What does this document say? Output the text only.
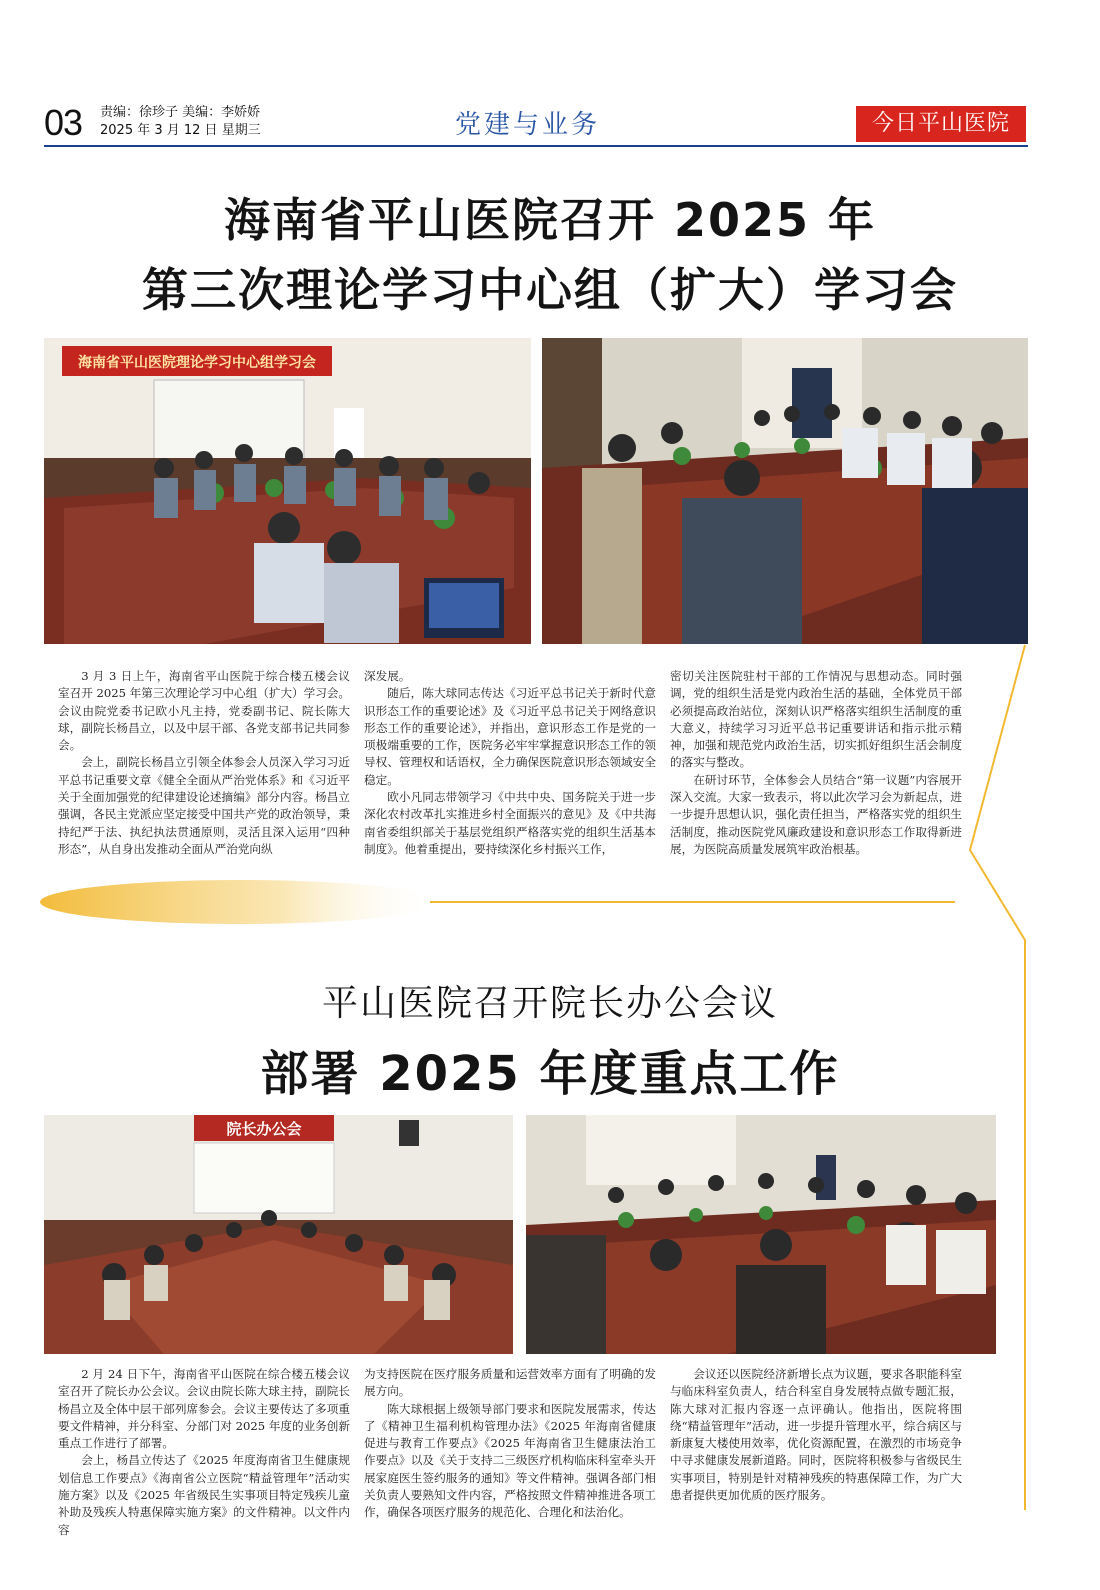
03 责编：徐珍子 美编：李娇娇
2025 年 3 月 12 日 星期三	党建与业务	今日平山医院
海南省平山医院召开 2025 年
第三次理论学习中心组（扩大）学习会
海南省平山医院理论学习中心组学习会

3 月 3 日上午，海南省平山医院于综合楼五楼会议室召开 2025 年第三次理论学习中心组（扩大）学习会。会议由院党委书记欧小凡主持，党委副书记、院长陈大球，副院长杨昌立，以及中层干部、各党支部书记共同参会。

会上，副院长杨昌立引领全体参会人员深入学习习近平总书记重要文章《健全全面从严治党体系》和《习近平关于全面加强党的纪律建设论述摘编》部分内容。杨昌立强调，各民主党派应坚定接受中国共产党的政治领导，秉持纪严于法、执纪执法贯通原则，灵活且深入运用“四种形态”，从自身出发推动全面从严治党向纵

深发展。

随后，陈大球同志传达《习近平总书记关于新时代意识形态工作的重要论述》及《习近平总书记关于网络意识形态工作的重要论述》，并指出，意识形态工作是党的一项极端重要的工作，医院务必牢牢掌握意识形态工作的领导权、管理权和话语权，全力确保医院意识形态领域安全稳定。

欧小凡同志带领学习《中共中央、国务院关于进一步深化农村改革扎实推进乡村全面振兴的意见》及《中共海南省委组织部关于基层党组织严格落实党的组织生活基本制度》。他着重提出，要持续深化乡村振兴工作，

密切关注医院驻村干部的工作情况与思想动态。同时强调，党的组织生活是党内政治生活的基础，全体党员干部必须提高政治站位，深刻认识严格落实组织生活制度的重大意义，持续学习习近平总书记重要讲话和指示批示精神，加强和规范党内政治生活，切实抓好组织生活会制度的落实与整改。

在研讨环节，全体参会人员结合“第一议题”内容展开深入交流。大家一致表示，将以此次学习会为新起点，进一步提升思想认识，强化责任担当，严格落实党的组织生活制度，推动医院党风廉政建设和意识形态工作取得新进展，为医院高质量发展筑牢政治根基。

平山医院召开院长办公会议
部署 2025 年度重点工作
院长办公会

2 月 24 日下午，海南省平山医院在综合楼五楼会议室召开了院长办公会议。会议由院长陈大球主持，副院长杨昌立及全体中层干部列席参会。会议主要传达了多项重要文件精神，并分科室、分部门对 2025 年度的业务创新重点工作进行了部署。

会上，杨昌立传达了《2025 年度海南省卫生健康规划信息工作要点》《海南省公立医院“精益管理年”活动实施方案》以及《2025 年省级民生实事项目特定残疾儿童补助及残疾人特惠保障实施方案》的文件精神。以文件内容

为支持医院在医疗服务质量和运营效率方面有了明确的发展方向。

陈大球根据上级领导部门要求和医院发展需求，传达了《精神卫生福利机构管理办法》《2025 年海南省健康促进与教育工作要点》《2025 年海南省卫生健康法治工作要点》以及《关于支持二三级医疗机构临床科室牵头开展家庭医生签约服务的通知》等文件精神。强调各部门相关负责人要熟知文件内容，严格按照文件精神推进各项工作，确保各项医疗服务的规范化、合理化和法治化。

会议还以医院经济新增长点为议题，要求各职能科室与临床科室负责人，结合科室自身发展特点做专题汇报，陈大球对汇报内容逐一点评确认。他指出，医院将围绕“精益管理年”活动，进一步提升管理水平，综合病区与新康复大楼使用效率，优化资源配置，在激烈的市场竞争中寻求健康发展新道路。同时，医院将积极参与省级民生实事项目，特别是针对精神残疾的特惠保障工作，为广大患者提供更加优质的医疗服务。
